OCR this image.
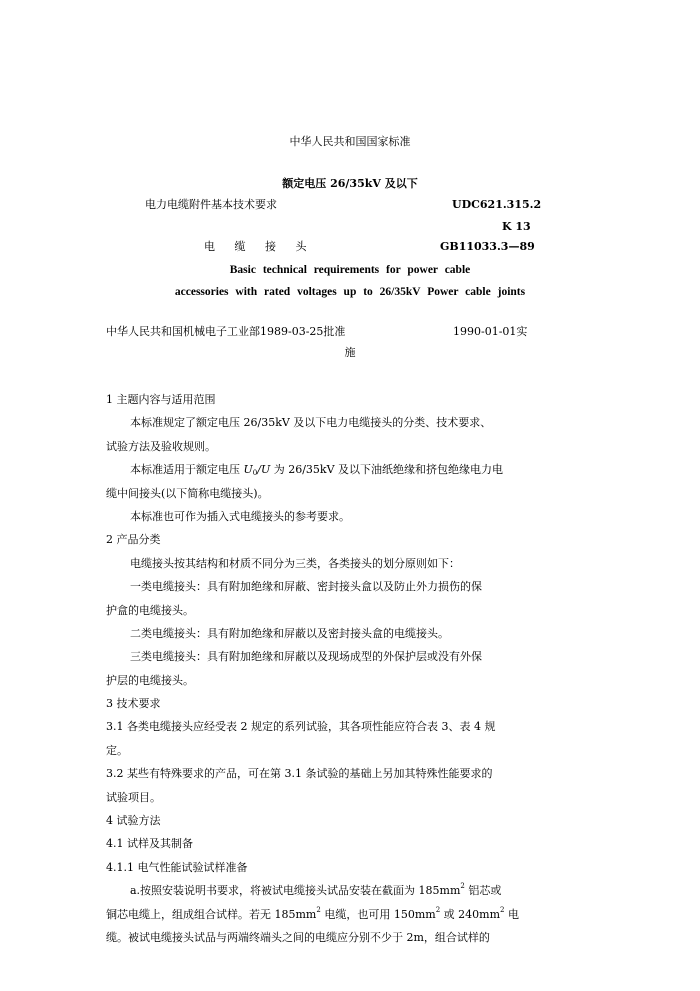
中华人民共和国国家标准
额定电压 26/35kV 及以下
电力电缆附件基本技术要求	UDC621.315.2
K 13
电 缆 接 头	GB11033.3—89
Basic technical requirements for power cable
accessories with rated voltages up to 26/35kV Power cable joints
中华人民共和国机械电子工业部1989-03-25批准	1990-01-01实
施
1 主题内容与适用范围
本标准规定了额定电压 26/35kV 及以下电力电缆接头的分类、技术要求、
试验方法及验收规则。
本标准适用于额定电压 $U_0/U$ 为 26/35kV 及以下油纸绝缘和挤包绝缘电力电
缆中间接头(以下简称电缆接头)。
本标准也可作为插入式电缆接头的参考要求。
2 产品分类
电缆接头按其结构和材质不同分为三类，各类接头的划分原则如下：
一类电缆接头：具有附加绝缘和屏蔽、密封接头盒以及防止外力损伤的保
护盒的电缆接头。
二类电缆接头：具有附加绝缘和屏蔽以及密封接头盒的电缆接头。
三类电缆接头：具有附加绝缘和屏蔽以及现场成型的外保护层或没有外保
护层的电缆接头。
3 技术要求
3.1 各类电缆接头应经受表 2 规定的系列试验，其各项性能应符合表 3、表 4 规
定。
3.2 某些有特殊要求的产品，可在第 3.1 条试验的基础上另加其特殊性能要求的
试验项目。
4 试验方法
4.1 试样及其制备
4.1.1 电气性能试验试样准备
a.按照安装说明书要求，将被试电缆接头试品安装在截面为 $185mm^2$ 铝芯或
铜芯电缆上，组成组合试样。若无 $185mm^2$ 电缆，也可用 $150mm^2$ 或 $240mm^2$ 电
缆。被试电缆接头试品与两端终端头之间的电缆应分别不少于 2m，组合试样的
